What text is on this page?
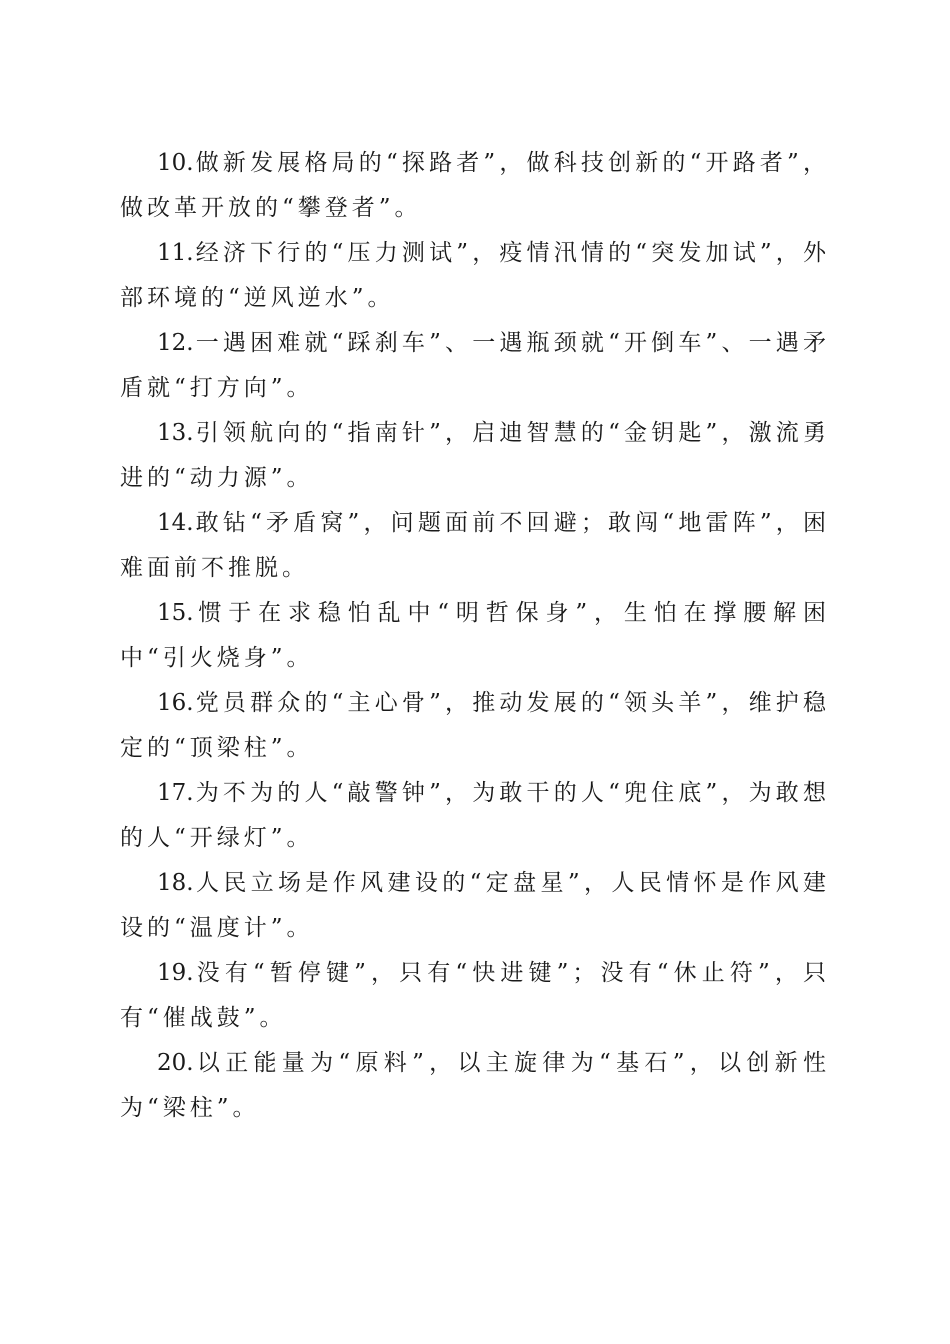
10.做新发展格局的“探路者”，做科技创新的“开路者”，做改革开放的“攀登者”。

11.经济下行的“压力测试”，疫情汛情的“突发加试”，外部环境的“逆风逆水”。

12.一遇困难就“踩刹车”、一遇瓶颈就“开倒车”、一遇矛盾就“打方向”。

13.引领航向的“指南针”，启迪智慧的“金钥匙”，激流勇进的“动力源”。

14.敢钻“矛盾窝”，问题面前不回避；敢闯“地雷阵”，困难面前不推脱。

15.惯于在求稳怕乱中“明哲保身”，生怕在撑腰解困中“引火烧身”。

16.党员群众的“主心骨”，推动发展的“领头羊”，维护稳定的“顶梁柱”。

17.为不为的人“敲警钟”，为敢干的人“兜住底”，为敢想的人“开绿灯”。

18.人民立场是作风建设的“定盘星”，人民情怀是作风建设的“温度计”。

19.没有“暂停键”，只有“快进键”；没有“休止符”，只有“催战鼓”。

20.以正能量为“原料”，以主旋律为“基石”，以创新性为“梁柱”。
